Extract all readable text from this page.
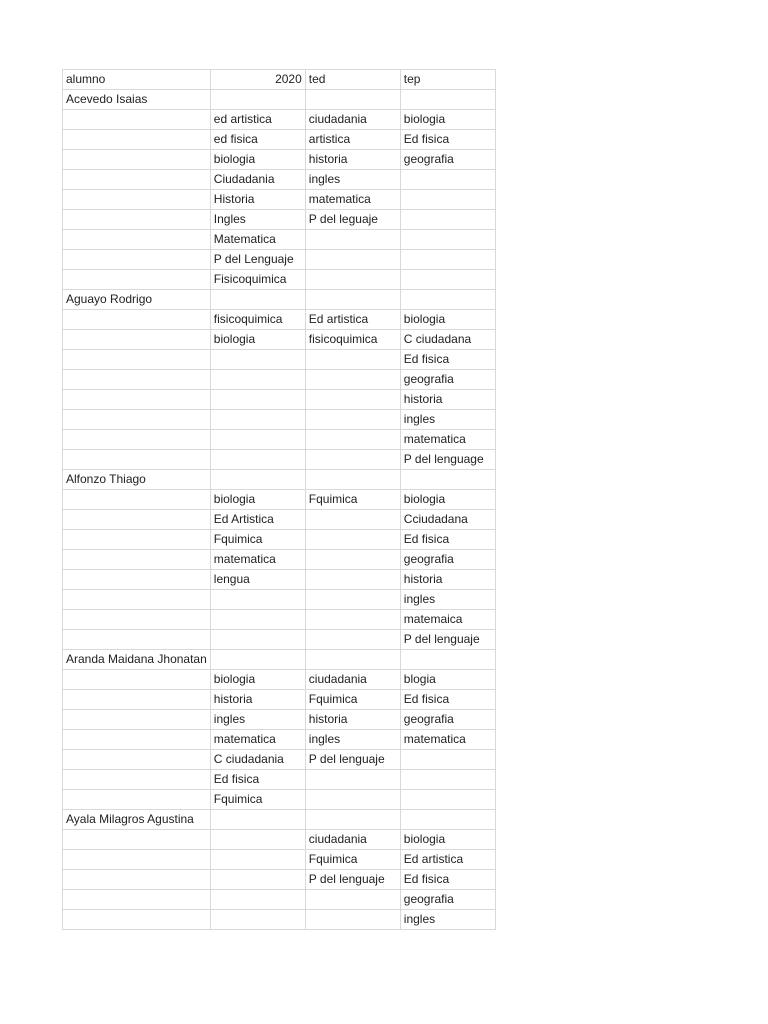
alumno	2020	ted	tep
Acevedo Isaias			
	ed artistica	ciudadania	biologia
	ed fisica	artistica	Ed fisica
	biologia	historia	geografia
	Ciudadania	ingles	
	Historia	matematica	
	Ingles	P del leguaje	
	Matematica		
	P del Lenguaje		
	Fisicoquimica		
Aguayo Rodrigo			
	fisicoquimica	Ed artistica	biologia
	biologia	fisicoquimica	C ciudadana
			Ed fisica
			geografia
			historia
			ingles
			matematica
			P del lenguage
Alfonzo Thiago			
	biologia	Fquimica	biologia
	Ed Artistica		Cciudadana
	Fquimica		Ed fisica
	matematica		geografia
	lengua		historia
			ingles
			matemaica
			P del lenguaje
Aranda Maidana Jhonatan			
	biologia	ciudadania	blogia
	historia	Fquimica	Ed fisica
	ingles	historia	geografia
	matematica	ingles	matematica
	C ciudadania	P del lenguaje	
	Ed fisica		
	Fquimica		
Ayala Milagros Agustina			
		ciudadania	biologia
		Fquimica	Ed artistica
		P del lenguaje	Ed fisica
			geografia
			ingles
